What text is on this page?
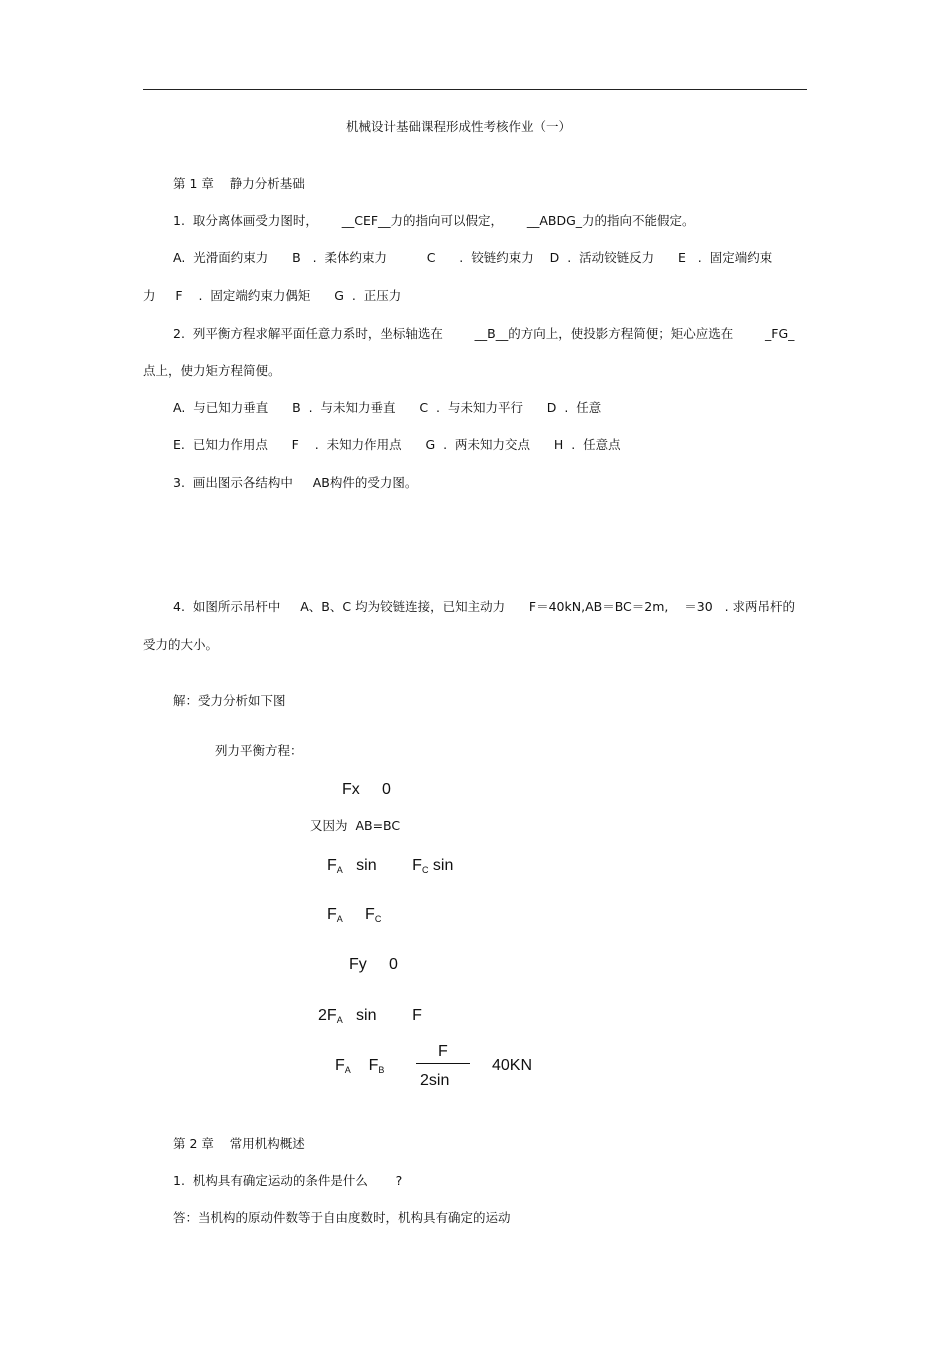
机械设计基础课程形成性考核作业（一）
第 1 章    静力分析基础
1.  取分离体画受力图时，      __CEF__力的指向可以假定，      __ABDG_力的指向不能假定。
A.  光滑面约束力      B   .  柔体约束力          C      .  铰链约束力    D  .  活动铰链反力      E   .  固定端约束
力     F    .  固定端约束力偶矩      G  .  正压力
2.  列平衡方程求解平面任意力系时，坐标轴选在        __B__的方向上，使投影方程简便；矩心应选在        _FG_
点上，使力矩方程简便。
A.  与已知力垂直      B  .  与未知力垂直      C  .  与未知力平行      D  .  任意
E.  已知力作用点      F    .  未知力作用点      G  .  两未知力交点      H  .  任意点
3.  画出图示各结构中     AB构件的受力图。
4.  如图所示吊杆中     A、B、C 均为铰链连接，已知主动力      F＝40kN,AB＝BC＝2m,    ＝30   . 求两吊杆的
受力的大小。
解：受力分析如下图
列力平衡方程：
Fx     0
又因为  AB=BC
$F_A$ $\sin F_C$ sin
$F_A$ $F_C$
Fy     0
$2F_A$ sin F
$F_A$ $F_B$
F
2sin
40KN
第 2 章    常用机构概述
1.  机构具有确定运动的条件是什么       ?
答：当机构的原动件数等于自由度数时，机构具有确定的运动
